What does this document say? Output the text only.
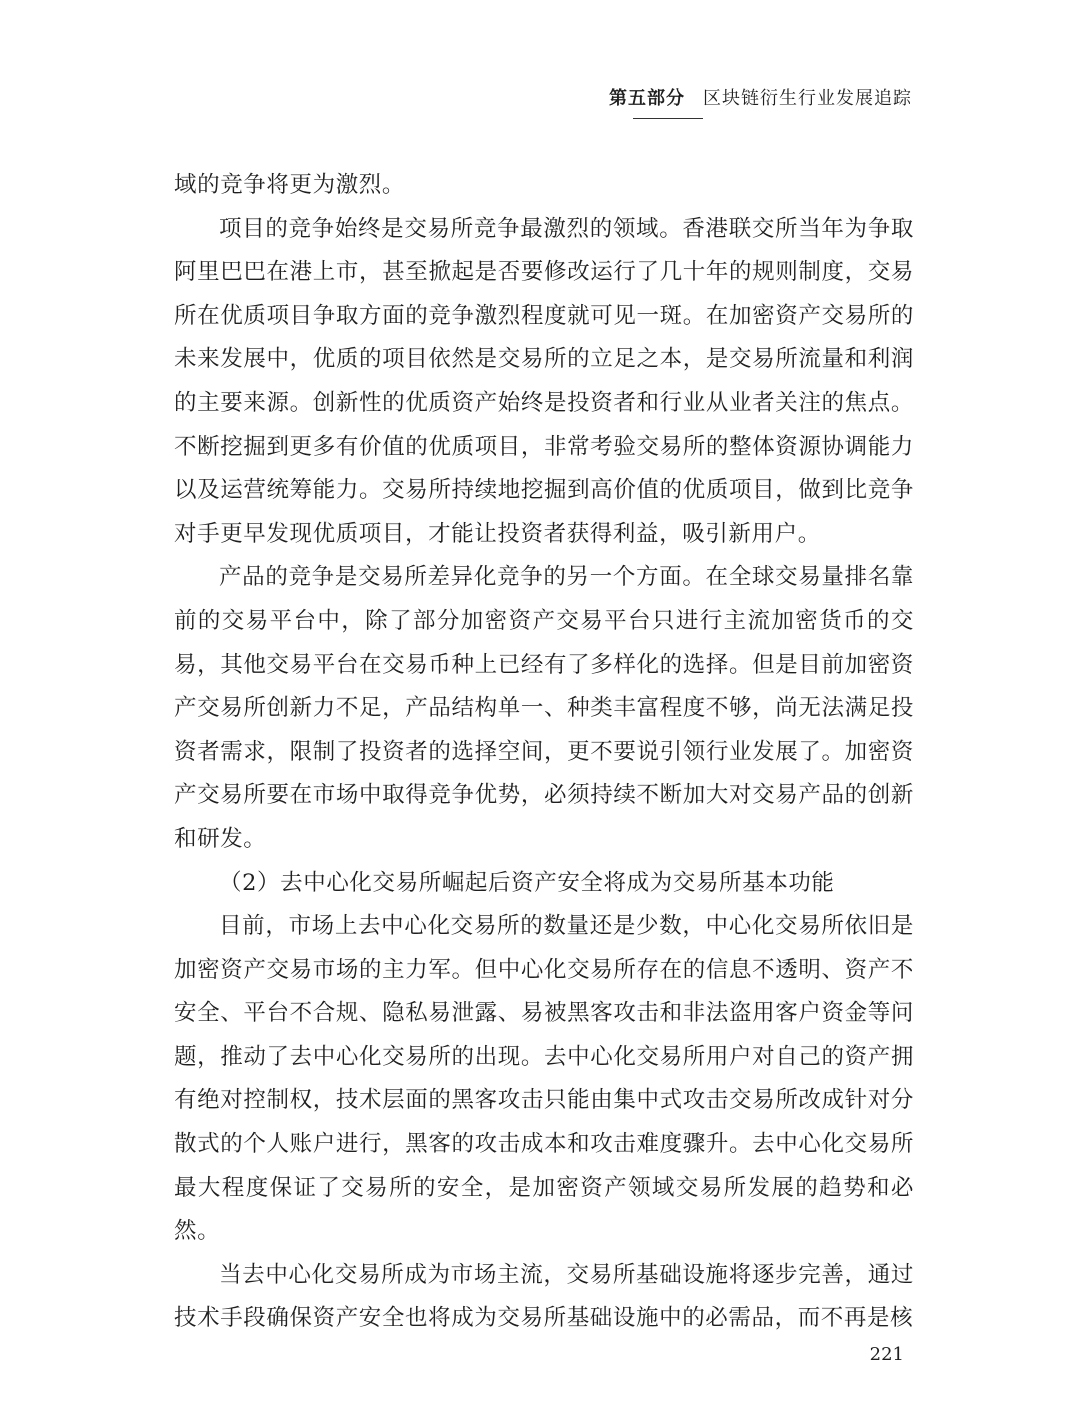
第五部分 区块链衍生行业发展追踪

域的竞争将更为激烈。

项目的竞争始终是交易所竞争最激烈的领域。香港联交所当年为争取阿里巴巴在港上市，甚至掀起是否要修改运行了几十年的规则制度，交易所在优质项目争取方面的竞争激烈程度就可见一斑。在加密资产交易所的未来发展中，优质的项目依然是交易所的立足之本，是交易所流量和利润的主要来源。创新性的优质资产始终是投资者和行业从业者关注的焦点。不断挖掘到更多有价值的优质项目，非常考验交易所的整体资源协调能力以及运营统筹能力。交易所持续地挖掘到高价值的优质项目，做到比竞争对手更早发现优质项目，才能让投资者获得利益，吸引新用户。

产品的竞争是交易所差异化竞争的另一个方面。在全球交易量排名靠前的交易平台中，除了部分加密资产交易平台只进行主流加密货币的交易，其他交易平台在交易币种上已经有了多样化的选择。但是目前加密资产交易所创新力不足，产品结构单一、种类丰富程度不够，尚无法满足投资者需求，限制了投资者的选择空间，更不要说引领行业发展了。加密资产交易所要在市场中取得竞争优势，必须持续不断加大对交易产品的创新和研发。

（2）去中心化交易所崛起后资产安全将成为交易所基本功能

目前，市场上去中心化交易所的数量还是少数，中心化交易所依旧是加密资产交易市场的主力军。但中心化交易所存在的信息不透明、资产不安全、平台不合规、隐私易泄露、易被黑客攻击和非法盗用客户资金等问题，推动了去中心化交易所的出现。去中心化交易所用户对自己的资产拥有绝对控制权，技术层面的黑客攻击只能由集中式攻击交易所改成针对分散式的个人账户进行，黑客的攻击成本和攻击难度骤升。去中心化交易所最大程度保证了交易所的安全，是加密资产领域交易所发展的趋势和必然。

当去中心化交易所成为市场主流，交易所基础设施将逐步完善，通过技术手段确保资产安全也将成为交易所基础设施中的必需品，而不再是核

221
